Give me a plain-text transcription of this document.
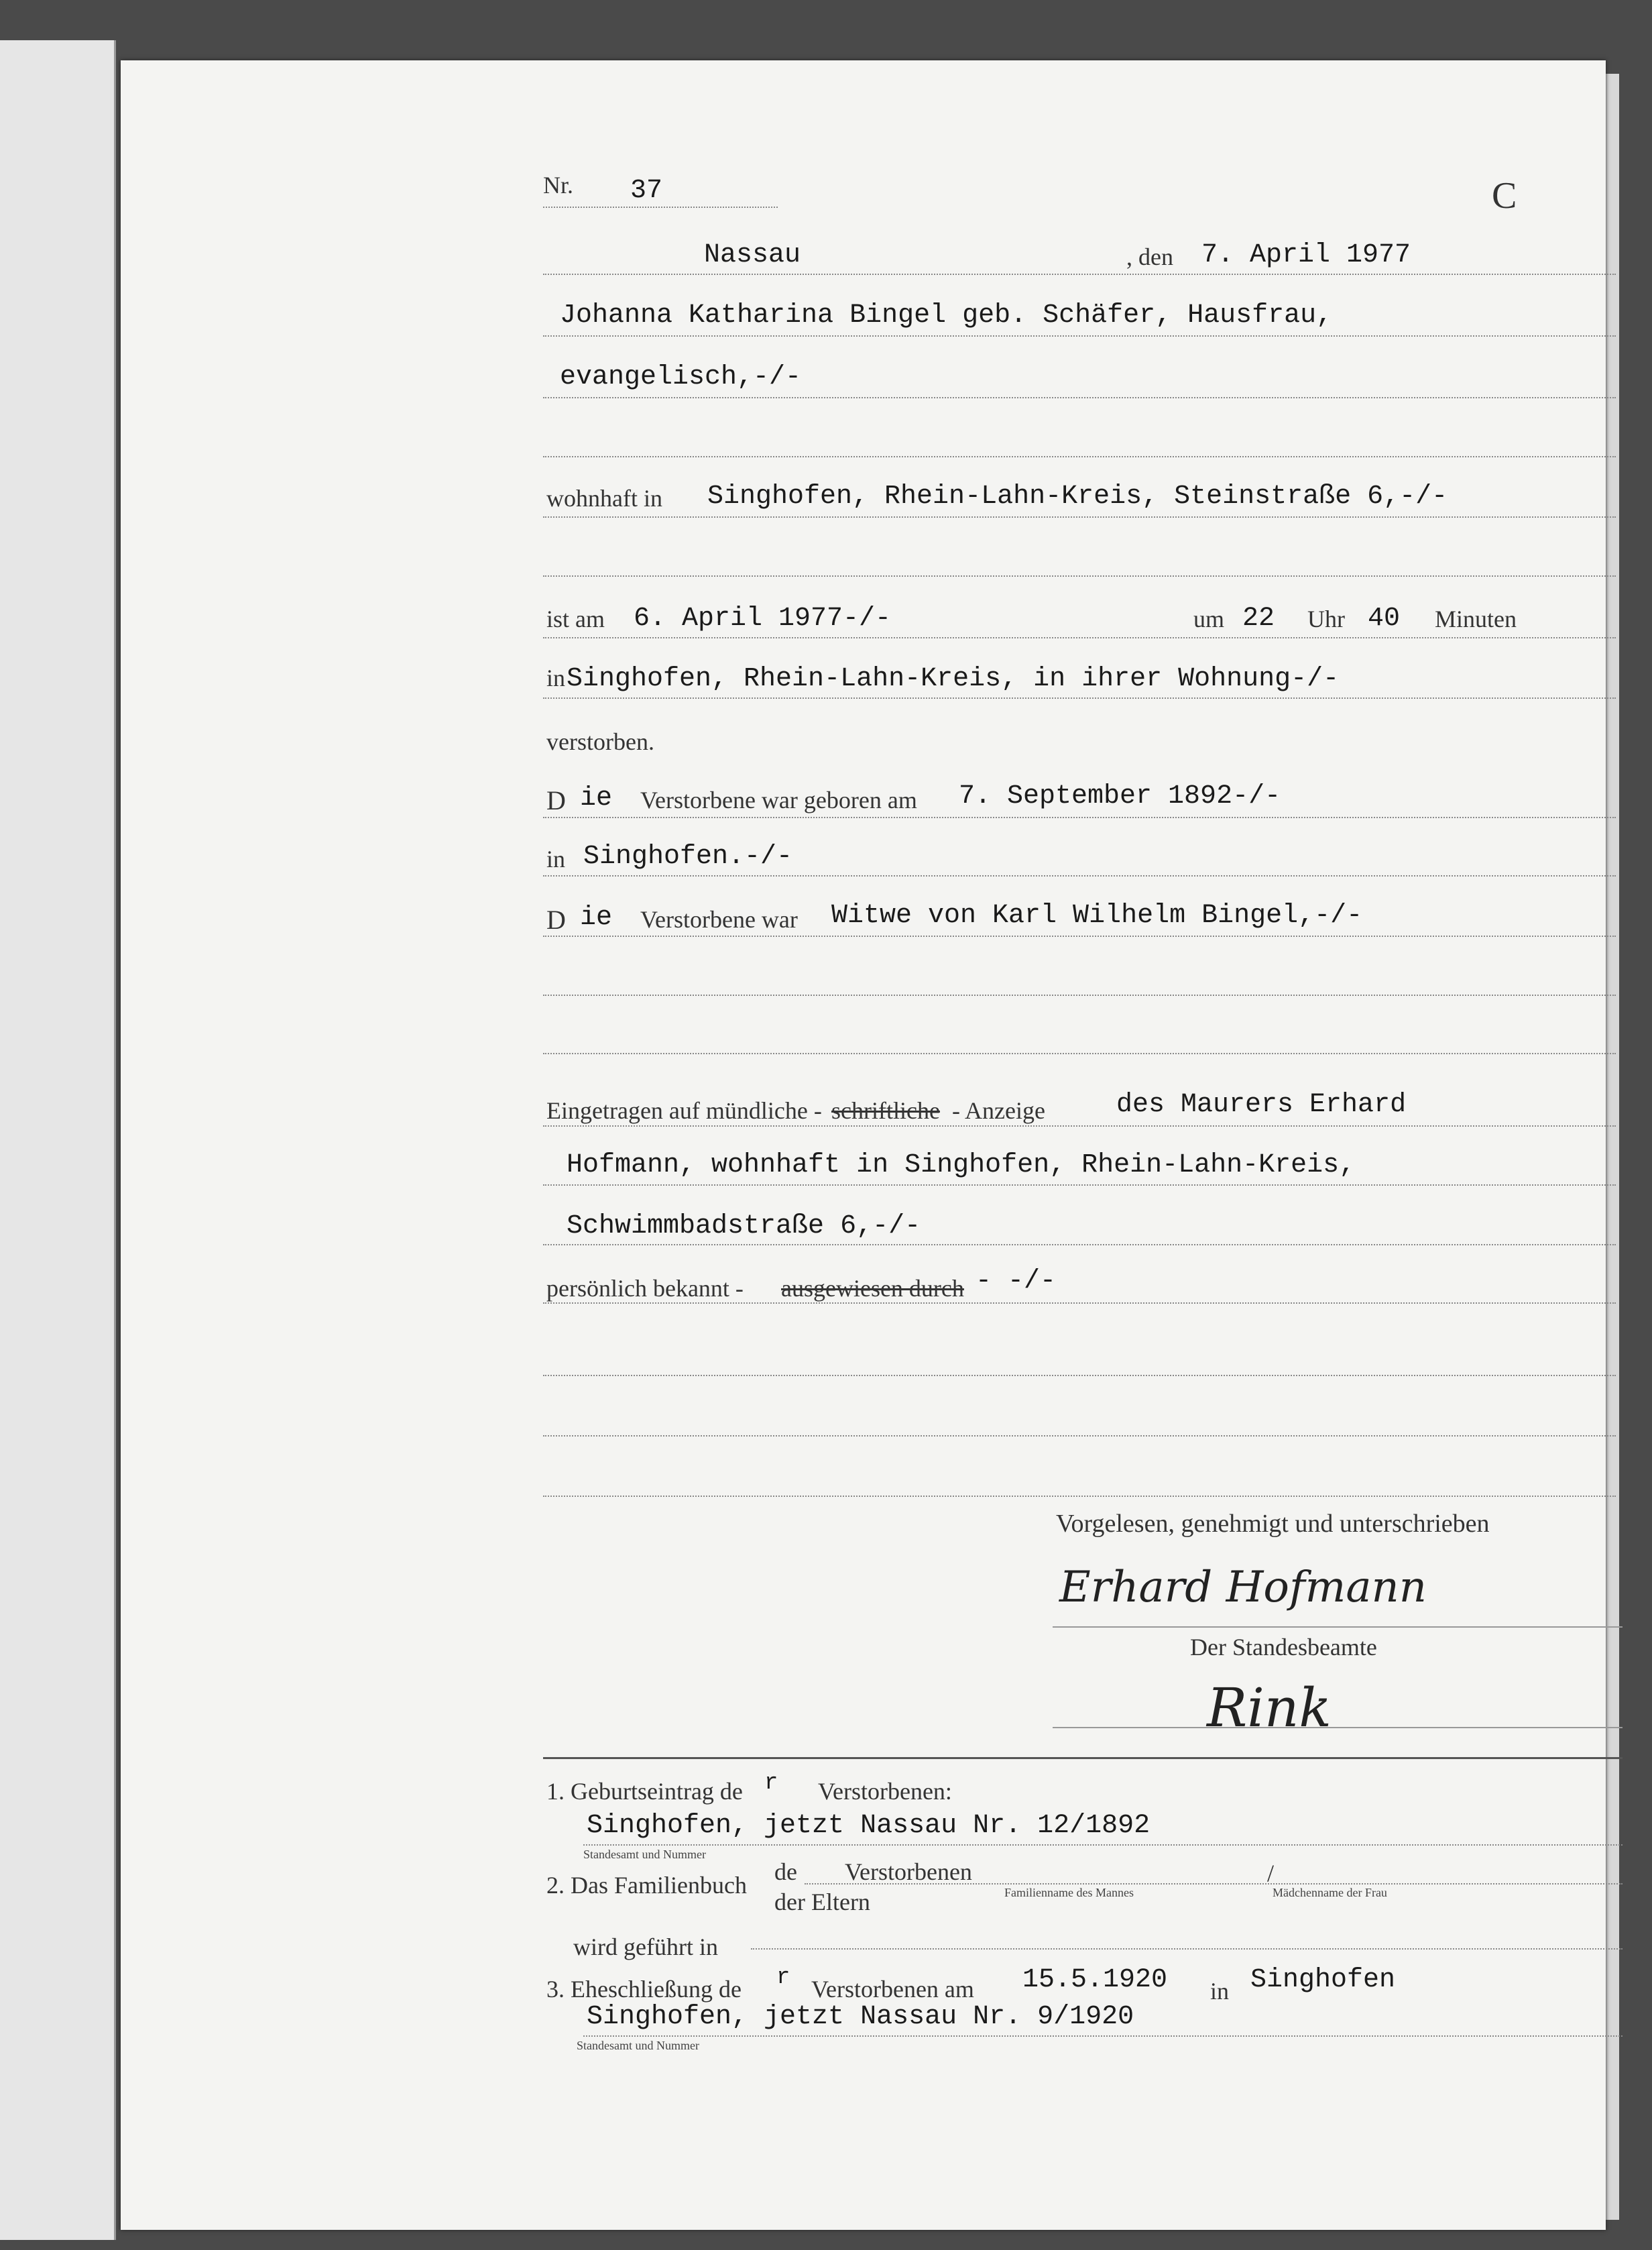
Nr. 37	C
Nassau	, den 7. April 1977
Johanna Katharina Bingel geb. Schäfer, Hausfrau,
evangelisch,-/-
wohnhaft in Singhofen, Rhein-Lahn-Kreis, Steinstraße 6,-/-
ist am 6. April 1977-/-	um 22 Uhr 40 Minuten
in Singhofen, Rhein-Lahn-Kreis, in ihrer Wohnung-/-
verstorben.
D ie Verstorbene war geboren am 7. September 1892-/-
in Singhofen.-/-
D ie Verstorbene war Witwe von Karl Wilhelm Bingel,-/-
Eingetragen auf mündliche - schriftliche - Anzeige	des Maurers Erhard
Hofmann, wohnhaft in Singhofen, Rhein-Lahn-Kreis,
Schwimmbadstraße 6,-/-
persönlich bekannt - ausgewiesen durch - -/-
Vorgelesen, genehmigt und unterschrieben
Erhard Hofmann
Der Standesbeamte
Rink
1. Geburtseintrag de r Verstorbenen:
Singhofen, jetzt Nassau Nr. 12/1892
Standesamt und Nummer
2. Das Familienbuch de Verstorbenen	/
Familienname des Mannes	Mädchenname der Frau
der Eltern
wird geführt in
3. Eheschließung de r Verstorbenen am 15.5.1920 in Singhofen
Singhofen, jetzt Nassau Nr. 9/1920
Standesamt und Nummer
